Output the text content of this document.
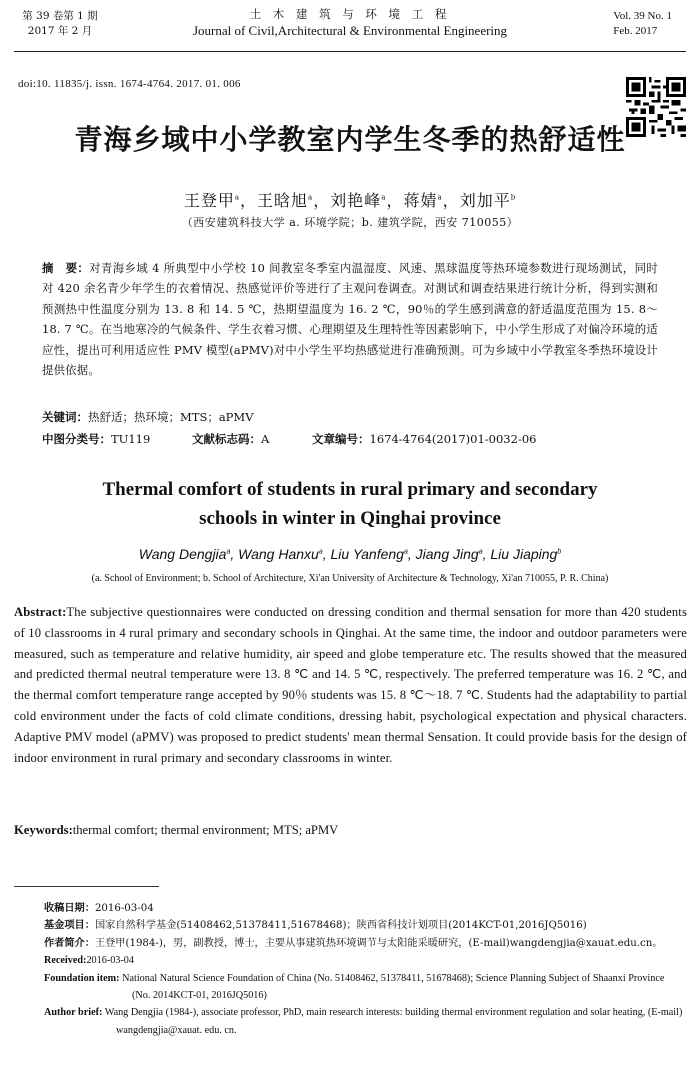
第 39 卷第 1 期
2017 年 2 月
土 木 建 筑 与 环 境 工 程
Journal of Civil,Architectural & Environmental Engineering
Vol. 39 No. 1
Feb. 2017
doi:10. 11835/j. issn. 1674-4764. 2017. 01. 006
青海乡域中小学教室内学生冬季的热舒适性
王登甲$^a$，王晗旭$^a$，刘艳峰$^a$，蒋婧$^a$，刘加平$^b$
（西安建筑科技大学 a. 环境学院；b. 建筑学院，西安 710055）
摘　要：对青海乡域 4 所典型中小学校 10 间教室冬季室内温湿度、风速、黑球温度等热环境参数进行现场测试，同时对 420 余名青少年学生的衣着情况、热感觉评价等进行了主观问卷调查。对测试和调查结果进行统计分析，得到实测和预测热中性温度分别为 13. 8 和 14. 5 ℃，热期望温度为 16. 2 ℃，90％的学生感到满意的舒适温度范围为 15. 8～18. 7 ℃。在当地寒冷的气候条件、学生衣着习惯、心理期望及生理特性等因素影响下，中小学生形成了对偏冷环境的适应性，提出可利用适应性 PMV 模型(aPMV)对中小学生平均热感觉进行准确预测。可为乡域中小学教室冬季热环境设计提供依据。
关键词：热舒适；热环境；MTS；aPMV
中图分类号：TU119	文献标志码：A	文章编号：1674-4764(2017)01-0032-06
Thermal comfort of students in rural primary and secondary
schools in winter in Qinghai province
Wang Dengjia$^a$, Wang Hanxu$^a$, Liu Yanfeng$^a$, Jiang Jing$^a$, Liu Jiaping$^b$
(a. School of Environment; b. School of Architecture, Xi'an University of Architecture & Technology, Xi'an 710055, P. R. China)
Abstract:The subjective questionnaires were conducted on dressing condition and thermal sensation for more than 420 students of 10 classrooms in 4 rural primary and secondary schools in Qinghai. At the same time, the indoor and outdoor parameters were measured, such as temperature and relative humidity, air speed and globe temperature etc. The results showed that the measured and predicted thermal neutral temperature were 13. 8 ℃ and 14. 5 ℃, respectively. The preferred temperature was 16. 2 ℃, and the thermal comfort temperature range accepted by 90％ students was 15. 8 ℃～18. 7 ℃. Students had the adaptability to partial cold environment under the facts of cold climate conditions, dressing habit, psychological expectation and physical characters. Adaptive PMV model (aPMV) was proposed to predict students' mean thermal Sensation. It could provide basis for the design of indoor environment in rural primary and secondary classrooms in winter.
Keywords:thermal comfort; thermal environment; MTS; aPMV
收稿日期：2016-03-04
基金项目：国家自然科学基金(51408462,51378411,51678468)；陕西省科技计划项目(2014KCT-01,2016JQ5016)
作者简介：王登甲(1984-)，男，副教授，博士，主要从事建筑热环境调节与太阳能采暖研究，(E-mail)wangdengjia@xauat.edu.cn。
Received:2016-03-04
Foundation item: National Natural Science Foundation of China (No. 51408462, 51378411, 51678468); Science Planning Subject of Shaanxi Province (No. 2014KCT-01, 2016JQ5016)
Author brief: Wang Dengjia (1984-), associate professor, PhD, main research interests: building thermal environment regulation and solar heating, (E-mail) wangdengjia@xauat. edu. cn.
